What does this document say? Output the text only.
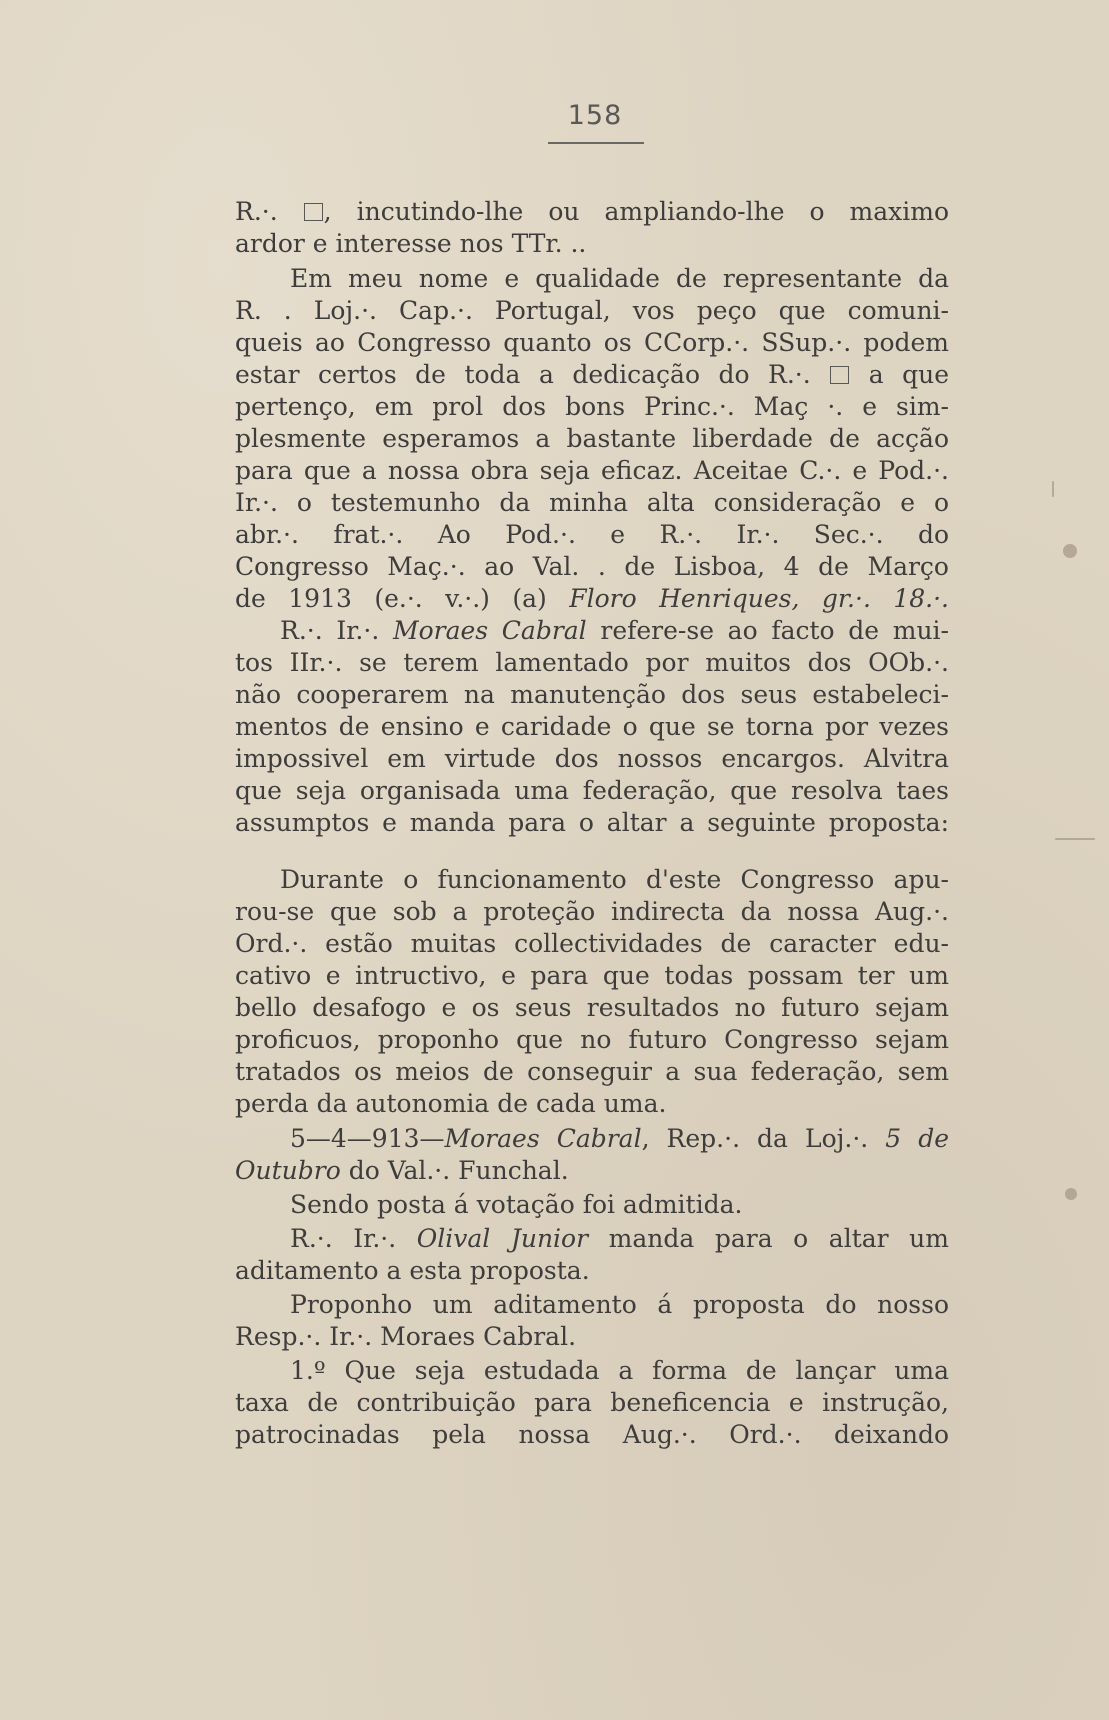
158
R.·. , incutindo-lhe ou ampliando-lhe o maximo
ardor e interesse nos TTr. ..
Em meu nome e qualidade de representante da
R. . Loj.·. Cap.·. Portugal, vos peço que comuni-
queis ao Congresso quanto os CCorp.·. SSup.·. podem
estar certos de toda a dedicação do R.·. a que
pertenço, em prol dos bons Princ.·. Maç ·. e sim-
plesmente esperamos a bastante liberdade de acção
para que a nossa obra seja eficaz. Aceitae C.·. e Pod.·.
Ir.·. o testemunho da minha alta consideração e o
abr.·. frat.·. Ao Pod.·. e R.·. Ir.·. Sec.·. do
Congresso Maç.·. ao Val. . de Lisboa, 4 de Março
de 1913 (e.·. v.·.) (a) Floro Henriques, gr.·. 18.·.
R.·. Ir.·. Moraes Cabral refere-se ao facto de mui-
tos IIr.·. se terem lamentado por muitos dos OOb.·.
não cooperarem na manutenção dos seus estabeleci-
mentos de ensino e caridade o que se torna por vezes
impossivel em virtude dos nossos encargos. Alvitra
que seja organisada uma federação, que resolva taes
assumptos e manda para o altar a seguinte proposta:
Durante o funcionamento d'este Congresso apu-
rou-se que sob a proteção indirecta da nossa Aug.·.
Ord.·. estão muitas collectividades de caracter edu-
cativo e intructivo, e para que todas possam ter um
bello desafogo e os seus resultados no futuro sejam
proficuos, proponho que no futuro Congresso sejam
tratados os meios de conseguir a sua federação, sem
perda da autonomia de cada uma.
5—4—913—Moraes Cabral, Rep.·. da Loj.·. 5 de
Outubro do Val.·. Funchal.
Sendo posta á votação foi admitida.
R.·. Ir.·. Olival Junior manda para o altar um
aditamento a esta proposta.
Proponho um aditamento á proposta do nosso
Resp.·. Ir.·. Moraes Cabral.
1.º Que seja estudada a forma de lançar uma
taxa de contribuição para beneficencia e instrução,
patrocinadas pela nossa Aug.·. Ord.·. deixando
